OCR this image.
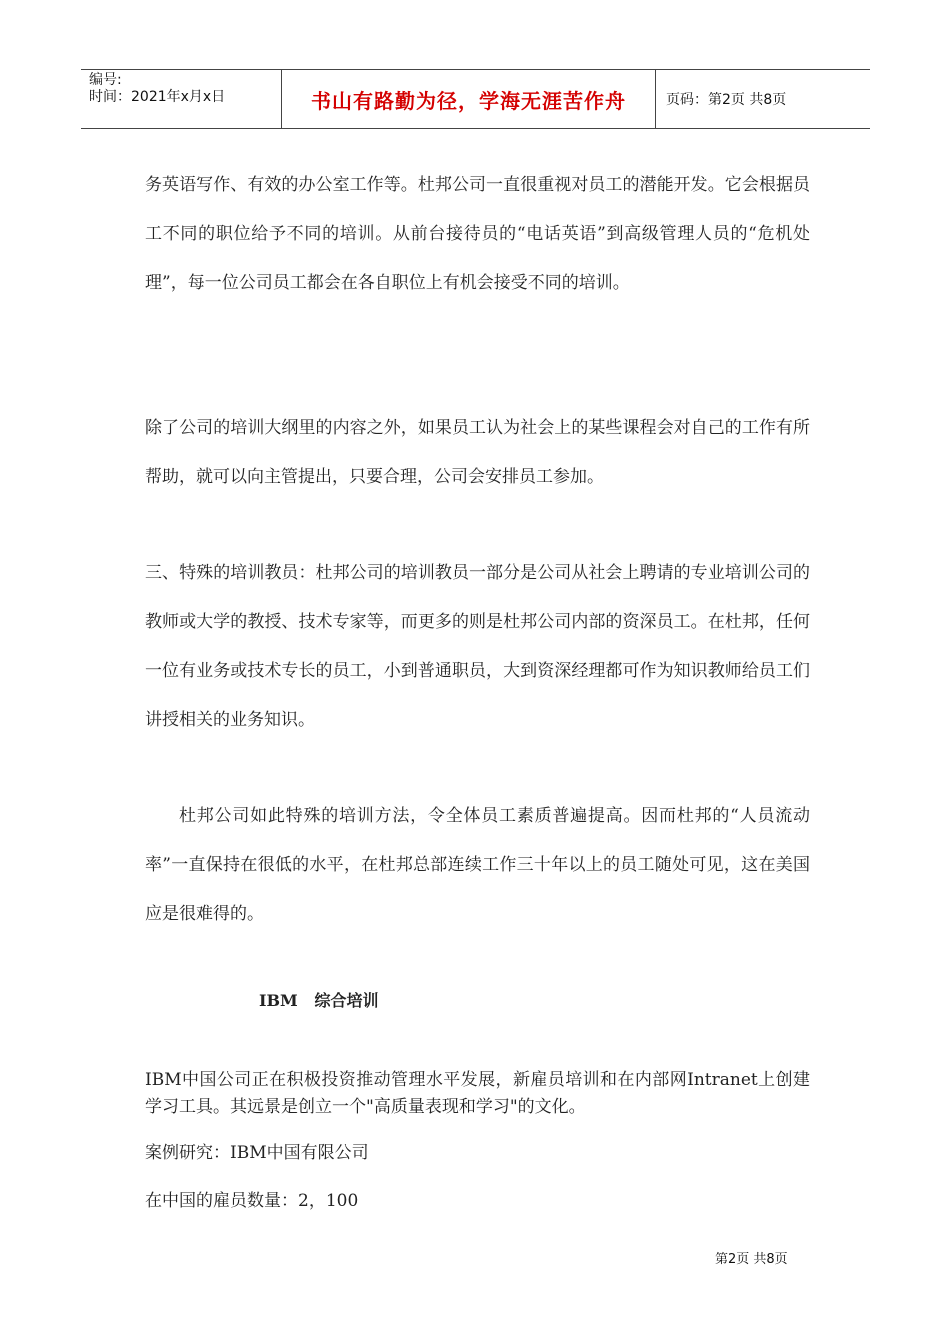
编号:
时间：2021年x月x日	书山有路勤为径，学海无涯苦作舟	页码：第2页 共8页

务英语写作、有效的办公室工作等。杜邦公司一直很重视对员工的潜能开发。它会根据员工不同的职位给予不同的培训。从前台接待员的“电话英语”到高级管理人员的“危机处理”，每一位公司员工都会在各自职位上有机会接受不同的培训。

除了公司的培训大纲里的内容之外，如果员工认为社会上的某些课程会对自己的工作有所帮助，就可以向主管提出，只要合理，公司会安排员工参加。

三、特殊的培训教员：杜邦公司的培训教员一部分是公司从社会上聘请的专业培训公司的教师或大学的教授、技术专家等，而更多的则是杜邦公司内部的资深员工。在杜邦，任何一位有业务或技术专长的员工，小到普通职员，大到资深经理都可作为知识教师给员工们讲授相关的业务知识。

杜邦公司如此特殊的培训方法，令全体员工素质普遍提高。因而杜邦的“人员流动率”一直保持在很低的水平，在杜邦总部连续工作三十年以上的员工随处可见，这在美国应是很难得的。

IBM 综合培训

IBM中国公司正在积极投资推动管理水平发展，新雇员培训和在内部网Intranet上创建学习工具。其远景是创立一个"高质量表现和学习"的文化。

案例研究：IBM中国有限公司

在中国的雇员数量：2，100

第2页 共8页
